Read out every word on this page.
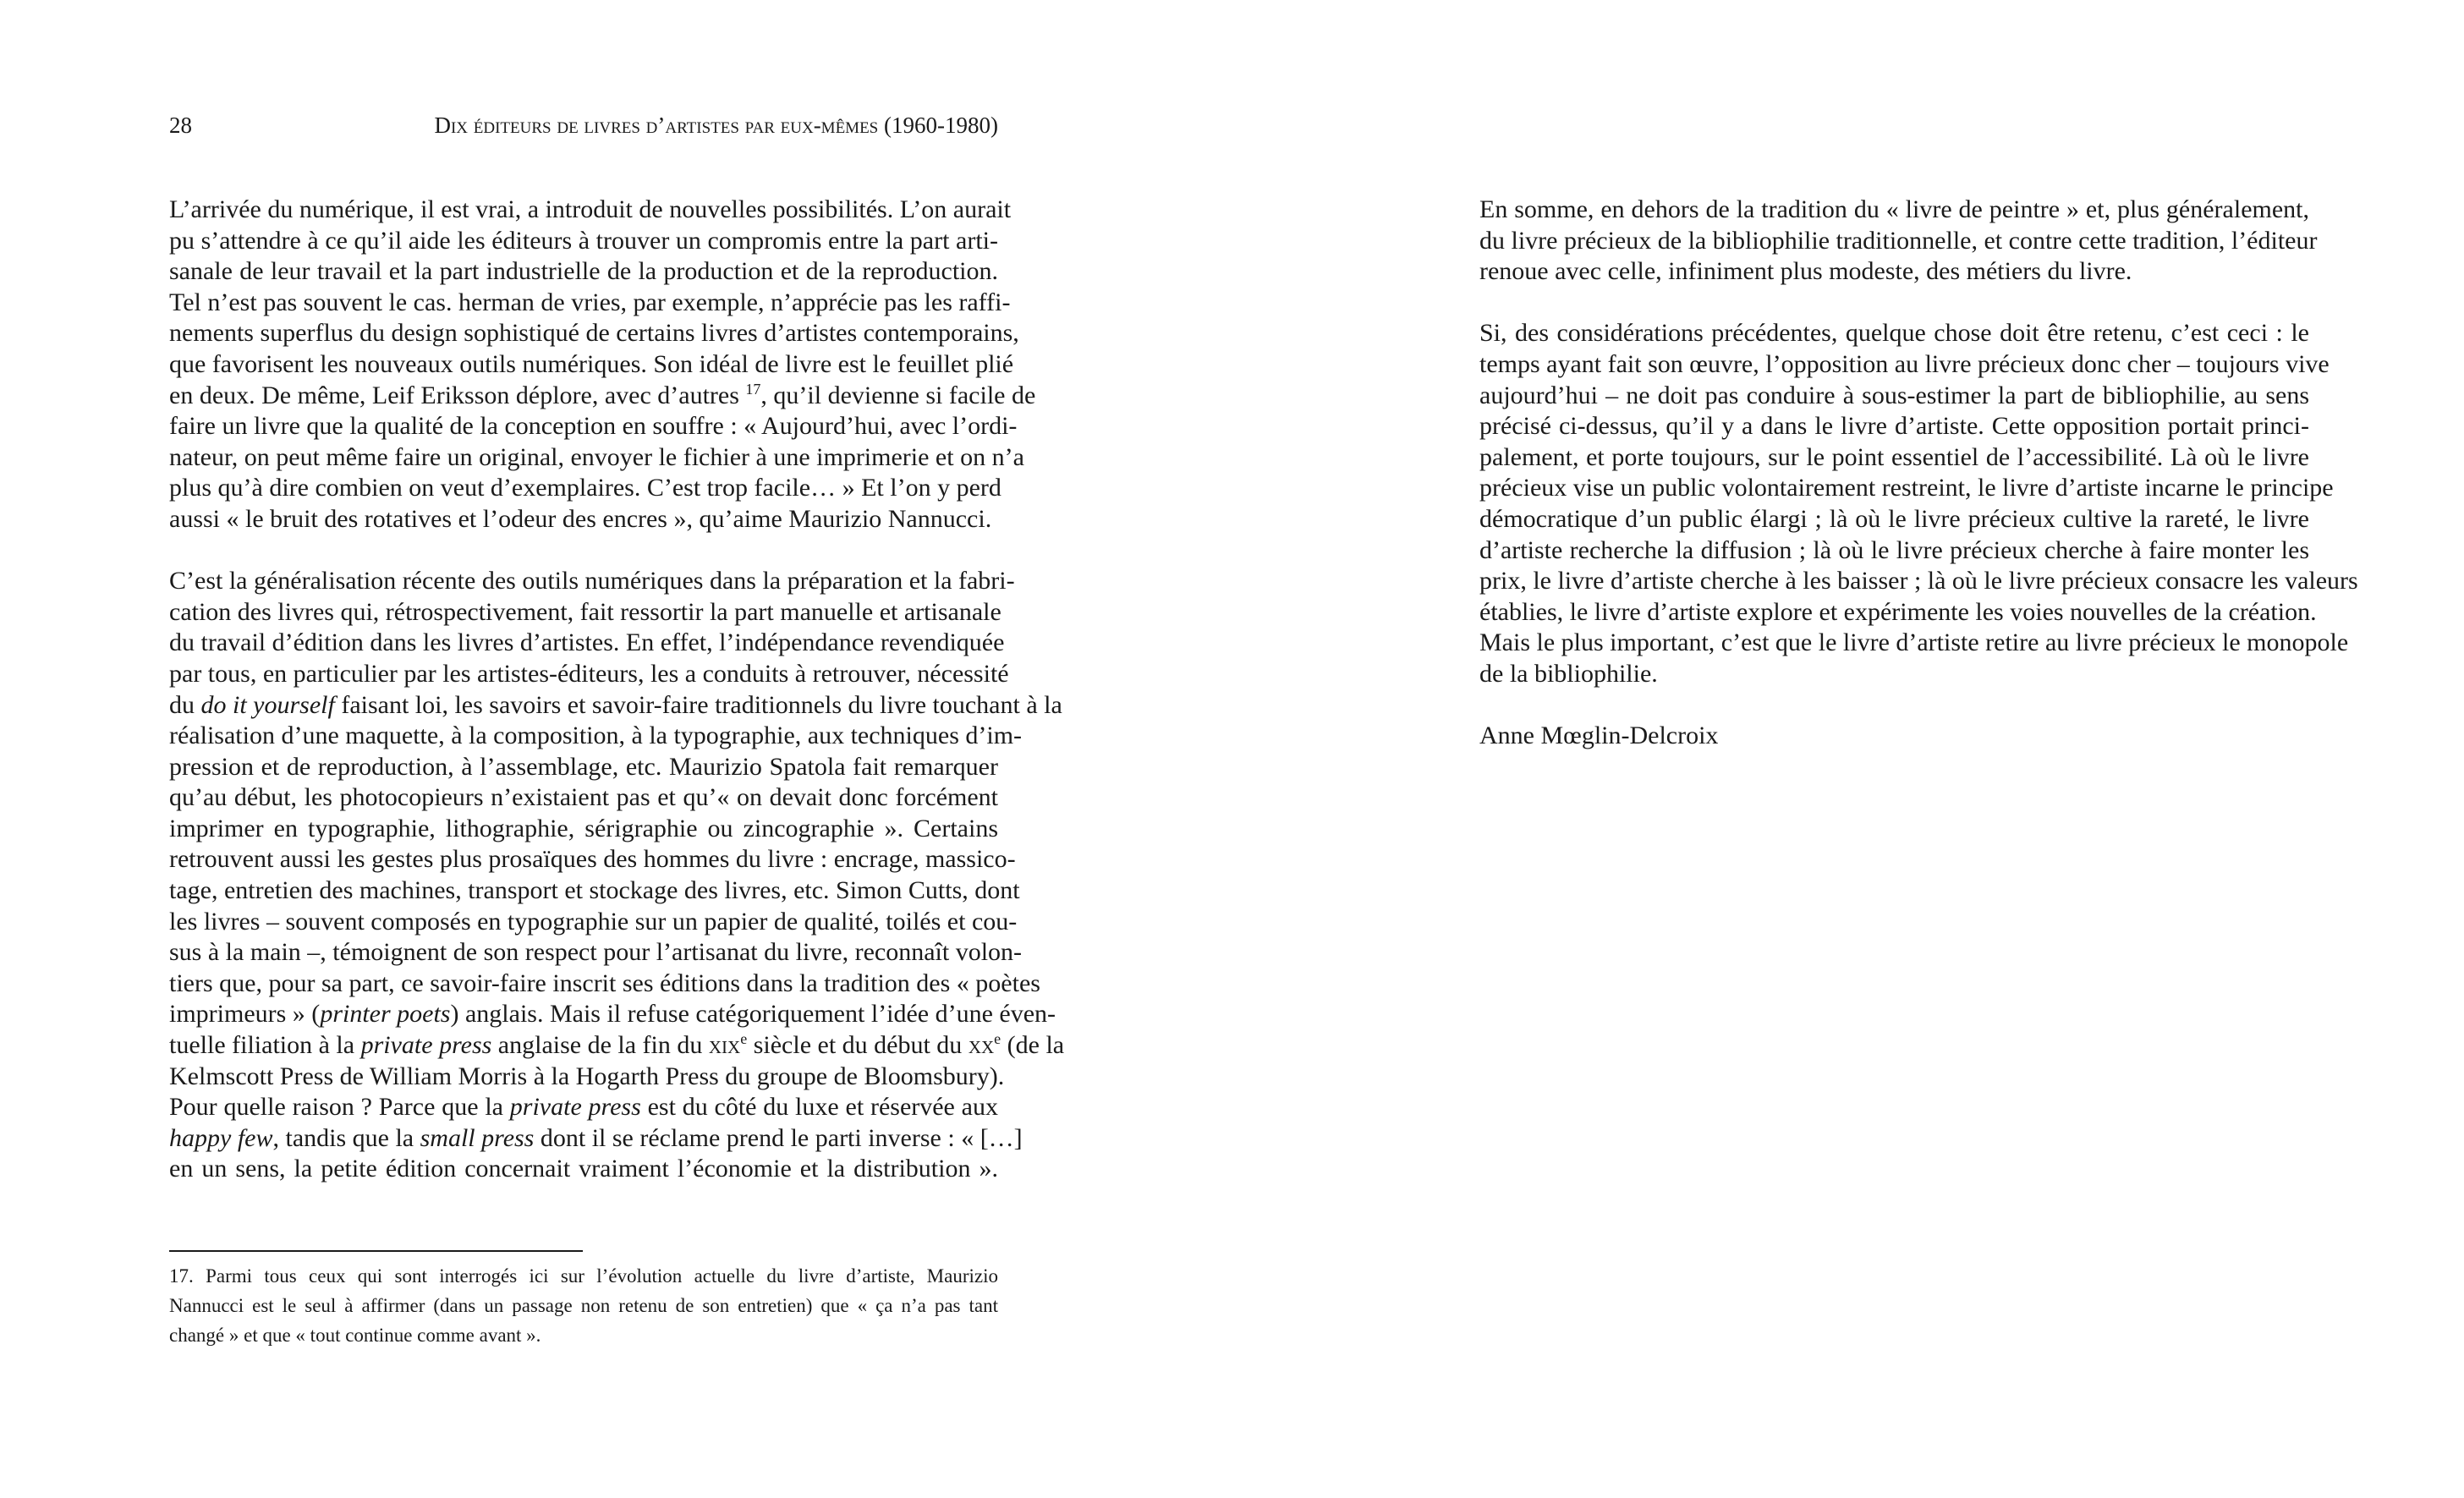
28	Dix éditeurs de livres d’artistes par eux-mêmes (1960-1980)
L’arrivée du numérique, il est vrai, a introduit de nouvelles possibilités. L’on aurait
pu s’attendre à ce qu’il aide les éditeurs à trouver un compromis entre la part arti-
sanale de leur travail et la part industrielle de la production et de la reproduction.
Tel n’est pas souvent le cas. herman de vries, par exemple, n’apprécie pas les raffi-
nements superflus du design sophistiqué de certains livres d’artistes contemporains,
que favorisent les nouveaux outils numériques. Son idéal de livre est le feuillet plié
en deux. De même, Leif Eriksson déplore, avec d’autres $^{17}$, qu’il devienne si facile de
faire un livre que la qualité de la conception en souffre : « Aujourd’hui, avec l’ordi-
nateur, on peut même faire un original, envoyer le fichier à une imprimerie et on n’a
plus qu’à dire combien on veut d’exemplaires. C’est trop facile… » Et l’on y perd
aussi « le bruit des rotatives et l’odeur des encres », qu’aime Maurizio Nannucci.
C’est la généralisation récente des outils numériques dans la préparation et la fabri-
cation des livres qui, rétrospectivement, fait ressortir la part manuelle et artisanale
du travail d’édition dans les livres d’artistes. En effet, l’indépendance revendiquée
par tous, en particulier par les artistes-éditeurs, les a conduits à retrouver, nécessité
du do it yourself faisant loi, les savoirs et savoir-faire traditionnels du livre touchant à la
réalisation d’une maquette, à la composition, à la typographie, aux techniques d’im-
pression et de reproduction, à l’assemblage, etc. Maurizio Spatola fait remarquer
qu’au début, les photocopieurs n’existaient pas et qu’« on devait donc forcément
imprimer en typographie, lithographie, sérigraphie ou zincographie ». Certains
retrouvent aussi les gestes plus prosaïques des hommes du livre : encrage, massico-
tage, entretien des machines, transport et stockage des livres, etc. Simon Cutts, dont
les livres – souvent composés en typographie sur un papier de qualité, toilés et cou-
sus à la main –, témoignent de son respect pour l’artisanat du livre, reconnaît volon-
tiers que, pour sa part, ce savoir-faire inscrit ses éditions dans la tradition des « poètes
imprimeurs » (printer poets) anglais. Mais il refuse catégoriquement l’idée d’une éven-
tuelle filiation à la private press anglaise de la fin du xix$^e$ siècle et du début du $xx^e$ (de la
Kelmscott Press de William Morris à la Hogarth Press du groupe de Bloomsbury).
Pour quelle raison ? Parce que la private press est du côté du luxe et réservée aux
happy few, tandis que la small press dont il se réclame prend le parti inverse : « […]
en un sens, la petite édition concernait vraiment l’économie et la distribution ».
En somme, en dehors de la tradition du « livre de peintre » et, plus généralement,
du livre précieux de la bibliophilie traditionnelle, et contre cette tradition, l’éditeur
renoue avec celle, infiniment plus modeste, des métiers du livre.
Si, des considérations précédentes, quelque chose doit être retenu, c’est ceci : le
temps ayant fait son œuvre, l’opposition au livre précieux donc cher – toujours vive
aujourd’hui – ne doit pas conduire à sous-estimer la part de bibliophilie, au sens
précisé ci-dessus, qu’il y a dans le livre d’artiste. Cette opposition portait princi-
palement, et porte toujours, sur le point essentiel de l’accessibilité. Là où le livre
précieux vise un public volontairement restreint, le livre d’artiste incarne le principe
démocratique d’un public élargi ; là où le livre précieux cultive la rareté, le livre
d’artiste recherche la diffusion ; là où le livre précieux cherche à faire monter les
prix, le livre d’artiste cherche à les baisser ; là où le livre précieux consacre les valeurs
établies, le livre d’artiste explore et expérimente les voies nouvelles de la création.
Mais le plus important, c’est que le livre d’artiste retire au livre précieux le monopole
de la bibliophilie.
Anne Mœglin-Delcroix
17. Parmi tous ceux qui sont interrogés ici sur l’évolution actuelle du livre d’artiste, Maurizio
Nannucci est le seul à affirmer (dans un passage non retenu de son entretien) que « ça n’a pas tant
changé » et que « tout continue comme avant ».
